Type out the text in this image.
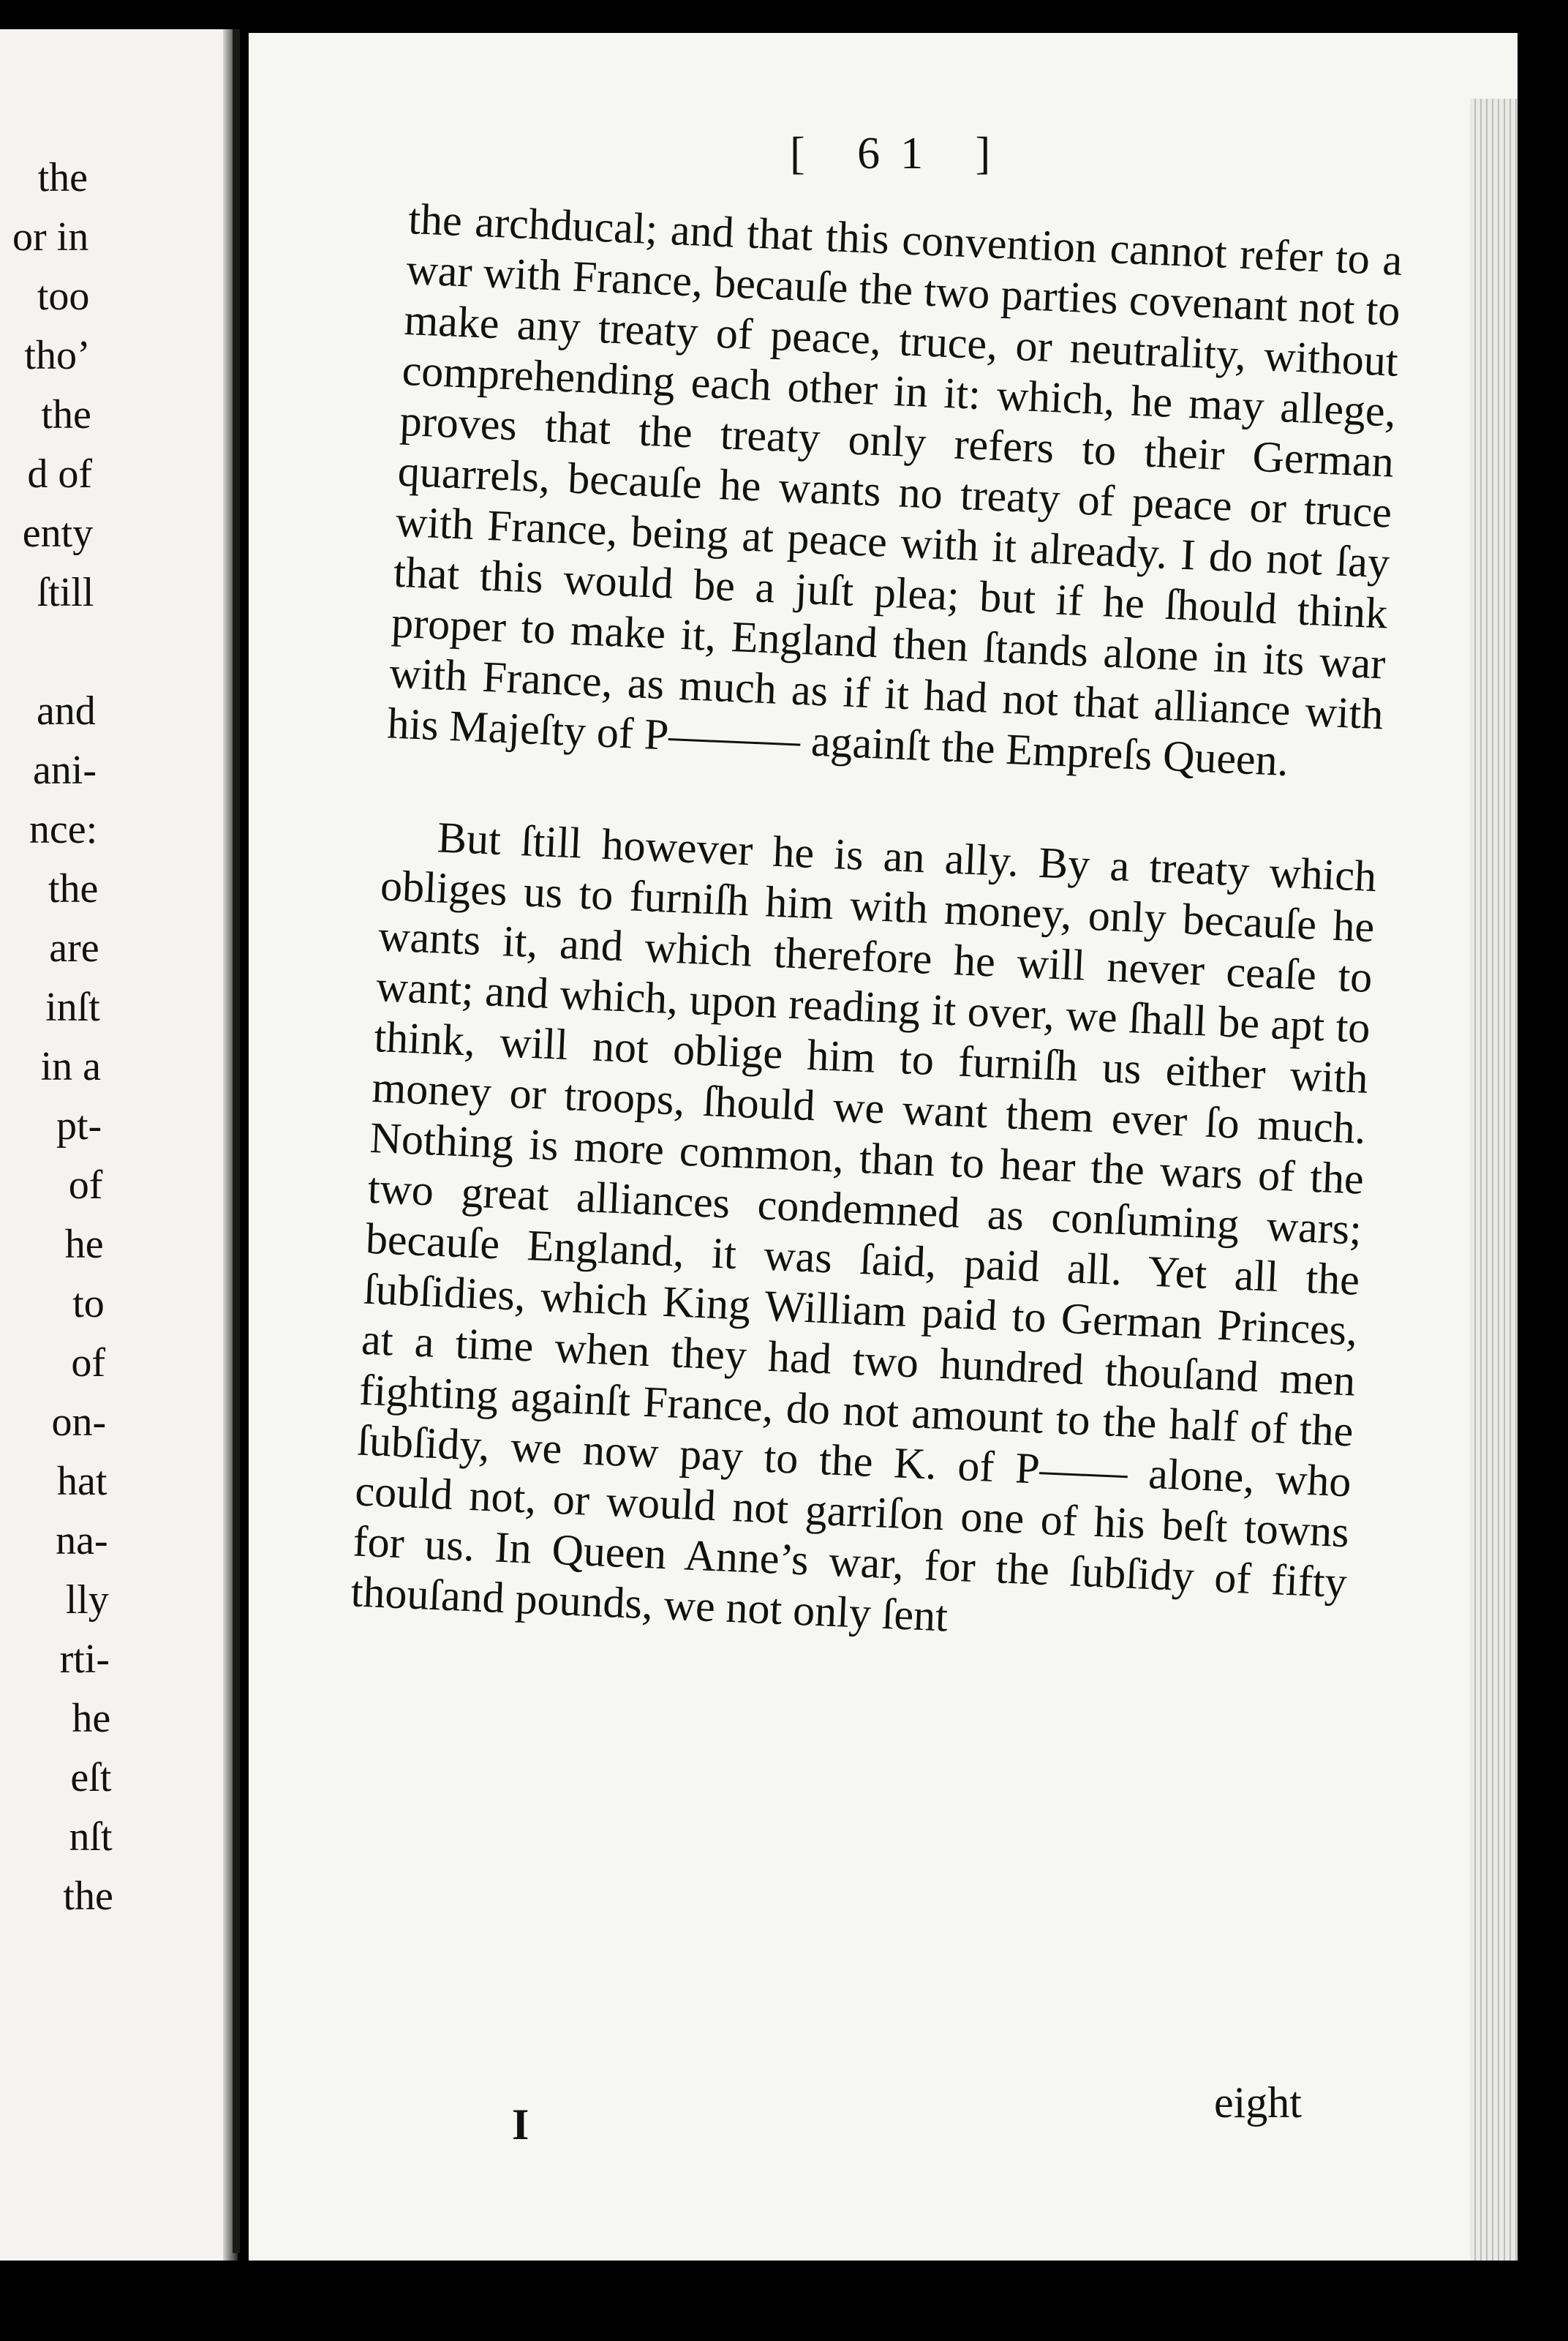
the
or in
too
tho’
the
d of
enty
ſtill
and
ani-
nce:
the
are
inſt
in a
pt-
of
he
to
of
on-
hat
na-
lly
rti-
he
eſt
nſt
the
[ 61 ]

the archducal; and that this convention cannot refer to a war with France, becauſe the two parties covenant not to make any treaty of peace, truce, or neutrality, without comprehending each other in it: which, he may allege, proves that the treaty only refers to their German quarrels, becauſe he wants no treaty of peace or truce with France, being at peace with it already. I do not ſay that this would be a juſt plea; but if he ſhould think proper to make it, England then ſtands alone in its war with France, as much as if it had not that alliance with his Majeſty of P——— againſt the Empreſs Queen.

But ſtill however he is an ally. By a treaty which obliges us to furniſh him with money, only becauſe he wants it, and which therefore he will never ceaſe to want; and which, upon reading it over, we ſhall be apt to think, will not oblige him to furniſh us either with money or troops, ſhould we want them ever ſo much. Nothing is more common, than to hear the wars of the two great alliances condemned as conſuming wars; becauſe England, it was ſaid, paid all. Yet all the ſubſidies, which King William paid to German Princes, at a time when they had two hundred thouſand men fighting againſt France, do not amount to the half of the ſubſidy, we now pay to the K. of P—— alone, who could not, or would not garriſon one of his beſt towns for us. In Queen Anne’s war, for the ſubſidy of fifty thouſand pounds, we not only ſent

I	eight
